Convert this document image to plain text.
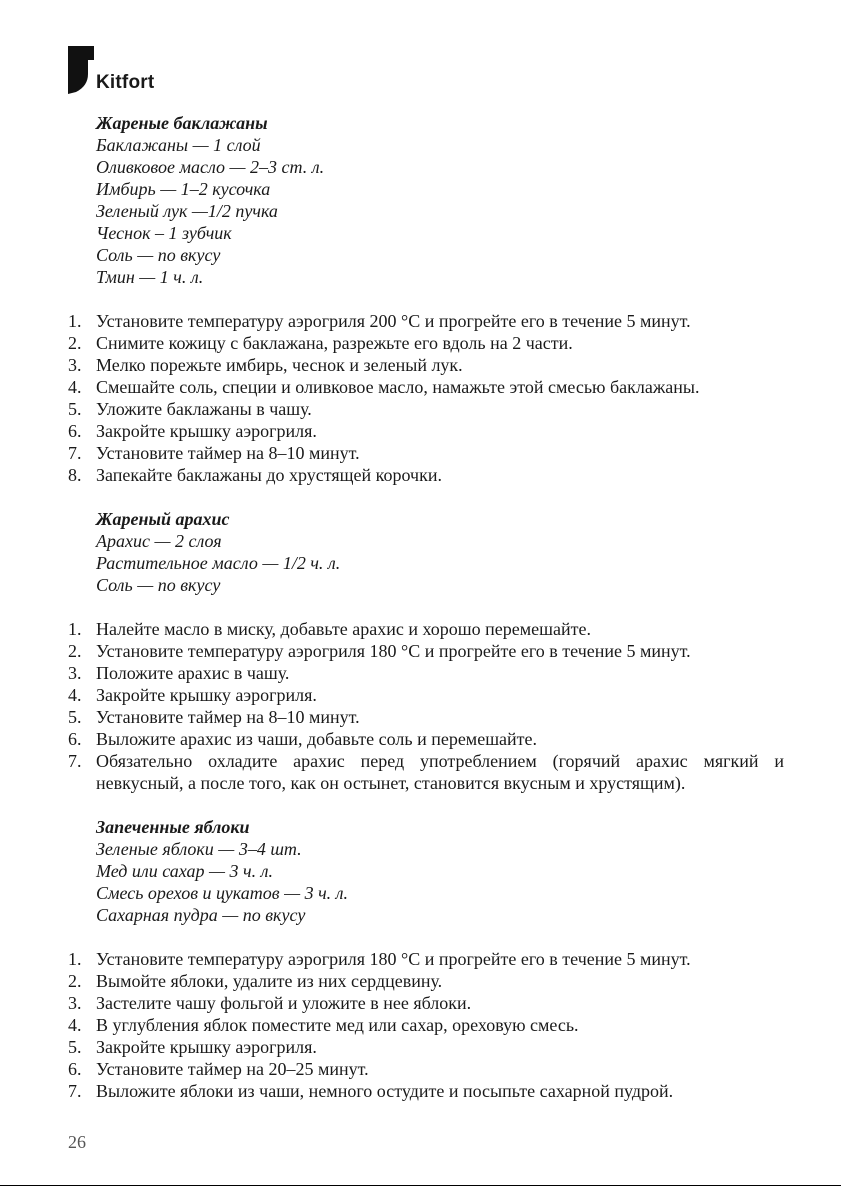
Kitfort
Жареные баклажаны
Баклажаны — 1 слой
Оливковое масло — 2–3 ст. л.
Имбирь — 1–2 кусочка
Зеленый лук —1/2 пучка
Чеснок – 1 зубчик
Соль — по вкусу
Тмин — 1 ч. л.
1. Установите температуру аэрогриля 200 °С и прогрейте его в течение 5 минут.
2. Снимите кожицу с баклажана, разрежьте его вдоль на 2 части.
3. Мелко порежьте имбирь, чеснок и зеленый лук.
4. Смешайте соль, специи и оливковое масло, намажьте этой смесью баклажаны.
5. Уложите баклажаны в чашу.
6. Закройте крышку аэрогриля.
7. Установите таймер на 8–10 минут.
8. Запекайте баклажаны до хрустящей корочки.
Жареный арахис
Арахис — 2 слоя
Растительное масло — 1/2 ч. л.
Соль — по вкусу
1. Налейте масло в миску, добавьте арахис и хорошо перемешайте.
2. Установите температуру аэрогриля 180 °С и прогрейте его в течение 5 минут.
3. Положите арахис в чашу.
4. Закройте крышку аэрогриля.
5. Установите таймер на 8–10 минут.
6. Выложите арахис из чаши, добавьте соль и перемешайте.
7. Обязательно охладите арахис перед употреблением (горячий арахис мягкий и невкусный, а после того, как он остынет, становится вкусным и хрустящим).
Запеченные яблоки
Зеленые яблоки — 3–4 шт.
Мед или сахар — 3 ч. л.
Смесь орехов и цукатов — 3 ч. л.
Сахарная пудра — по вкусу
1. Установите температуру аэрогриля 180 °С и прогрейте его в течение 5 минут.
2. Вымойте яблоки, удалите из них сердцевину.
3. Застелите чашу фольгой и уложите в нее яблоки.
4. В углубления яблок поместите мед или сахар, ореховую смесь.
5. Закройте крышку аэрогриля.
6. Установите таймер на 20–25 минут.
7. Выложите яблоки из чаши, немного остудите и посыпьте сахарной пудрой.
26
